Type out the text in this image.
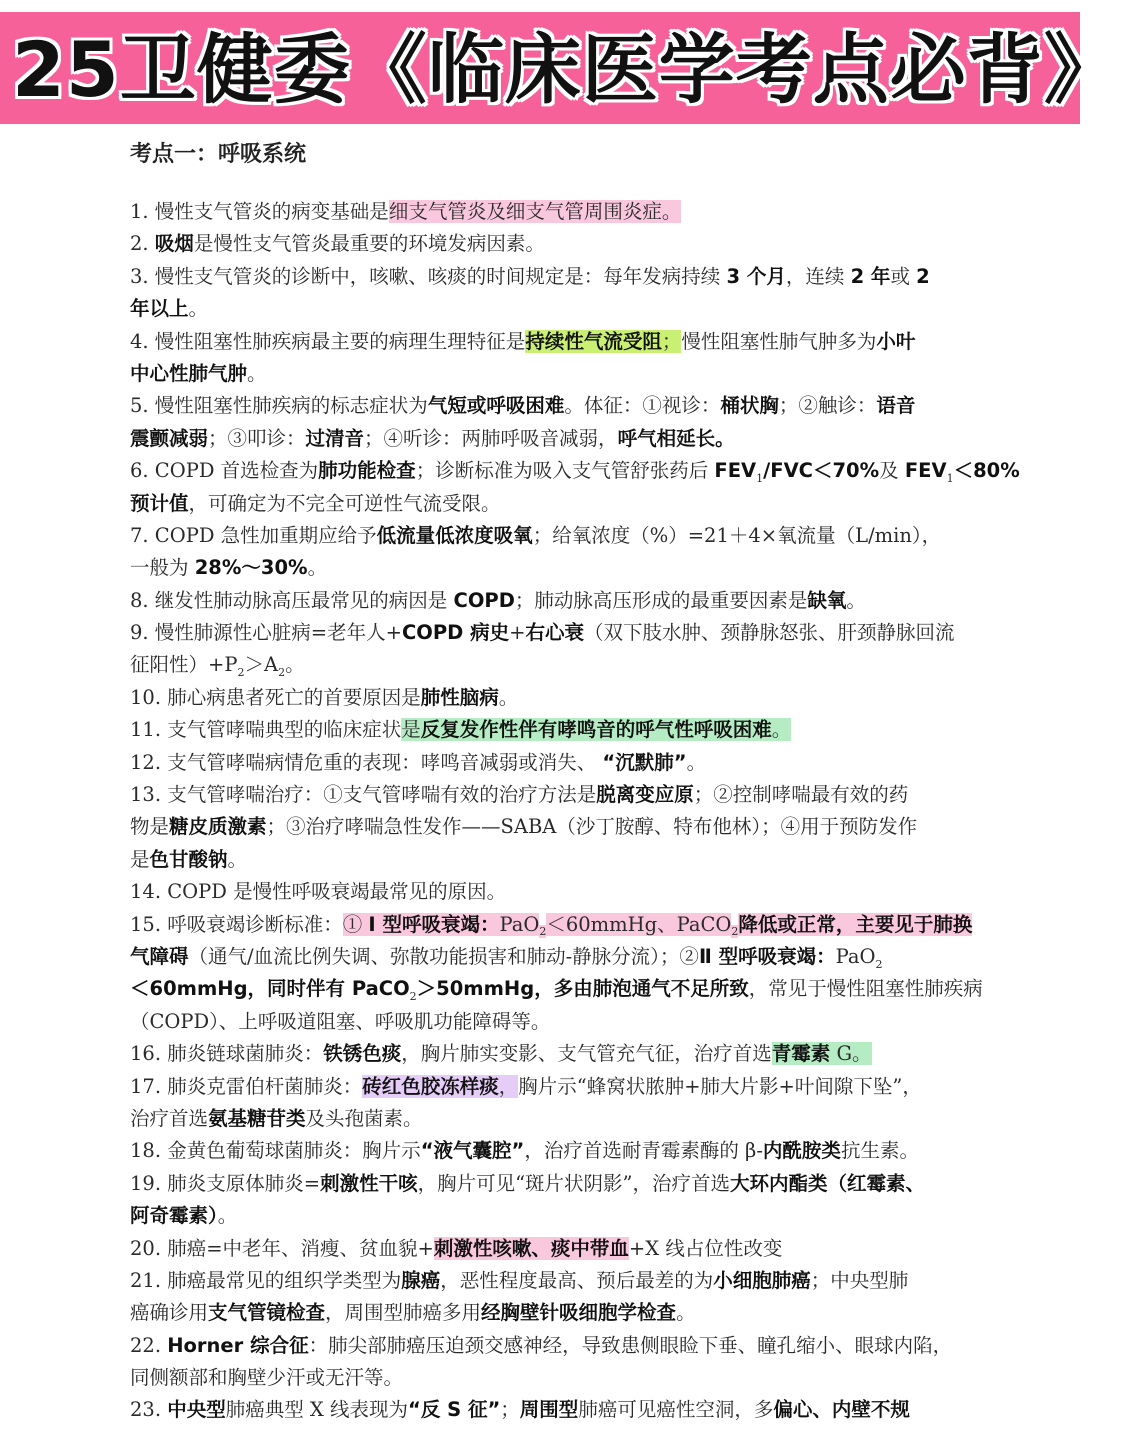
25卫健委《临床医学考点必背》
考点一：呼吸系统
1. 慢性支气管炎的病变基础是细支气管炎及细支气管周围炎症。
2. 吸烟是慢性支气管炎最重要的环境发病因素。
3. 慢性支气管炎的诊断中，咳嗽、咳痰的时间规定是：每年发病持续 3 个月，连续 2 年或 2
年以上。
4. 慢性阻塞性肺疾病最主要的病理生理特征是持续性气流受阻；慢性阻塞性肺气肿多为小叶
中心性肺气肿。
5. 慢性阻塞性肺疾病的标志症状为气短或呼吸困难。体征：①视诊：桶状胸；②触诊：语音
震颤减弱；③叩诊：过清音；④听诊：两肺呼吸音减弱，呼气相延长。
6. COPD 首选检查为肺功能检查；诊断标准为吸入支气管舒张药后 $FEV_1/FVC<70\%$及 $FEV_1<80\%$
预计值，可确定为不完全可逆性气流受限。
7. COPD 急性加重期应给予低流量低浓度吸氧；给氧浓度（%）=21＋4×氧流量（L/min），
一般为 28%～30%。
8. 继发性肺动脉高压最常见的病因是 COPD；肺动脉高压形成的最重要因素是缺氧。
9. 慢性肺源性心脏病=老年人+COPD 病史+右心衰（双下肢水肿、颈静脉怒张、肝颈静脉回流
征阳性）$+P_2>A_2$。
10. 肺心病患者死亡的首要原因是肺性脑病。
11. 支气管哮喘典型的临床症状是反复发作性伴有哮鸣音的呼气性呼吸困难。
12. 支气管哮喘病情危重的表现：哮鸣音减弱或消失、 “沉默肺”。
13. 支气管哮喘治疗：①支气管哮喘有效的治疗方法是脱离变应原；②控制哮喘最有效的药
物是糖皮质激素；③治疗哮喘急性发作——SABA（沙丁胺醇、特布他林）；④用于预防发作
是色甘酸钠。
14. COPD 是慢性呼吸衰竭最常见的原因。
15. 呼吸衰竭诊断标准：① Ⅰ 型呼吸衰竭：PaO$_2$＜60mmHg、PaCO$_2$降低或正常，主要见于肺换
气障碍（通气/血流比例失调、弥散功能损害和肺动-静脉分流）；②Ⅱ 型呼吸衰竭：PaO$_2$
＜60mmHg，同时伴有 PaCO$_2$＞50mmHg，多由肺泡通气不足所致，常见于慢性阻塞性肺疾病
（COPD）、上呼吸道阻塞、呼吸肌功能障碍等。
16. 肺炎链球菌肺炎：铁锈色痰，胸片肺实变影、支气管充气征，治疗首选青霉素 G。
17. 肺炎克雷伯杆菌肺炎：砖红色胶冻样痰，胸片示“蜂窝状脓肿+肺大片影+叶间隙下坠”，
治疗首选氨基糖苷类及头孢菌素。
18. 金黄色葡萄球菌肺炎：胸片示“液气囊腔”，治疗首选耐青霉素酶的 β-内酰胺类抗生素。
19. 肺炎支原体肺炎=刺激性干咳，胸片可见“斑片状阴影”，治疗首选大环内酯类（红霉素、
阿奇霉素）。
20. 肺癌=中老年、消瘦、贫血貌+刺激性咳嗽、痰中带血+X 线占位性改变
21. 肺癌最常见的组织学类型为腺癌，恶性程度最高、预后最差的为小细胞肺癌；中央型肺
癌确诊用支气管镜检查，周围型肺癌多用经胸壁针吸细胞学检查。
22. Horner 综合征：肺尖部肺癌压迫颈交感神经，导致患侧眼睑下垂、瞳孔缩小、眼球内陷，
同侧额部和胸壁少汗或无汗等。
23. 中央型肺癌典型 X 线表现为“反 S 征”；周围型肺癌可见癌性空洞，多偏心、内壁不规
